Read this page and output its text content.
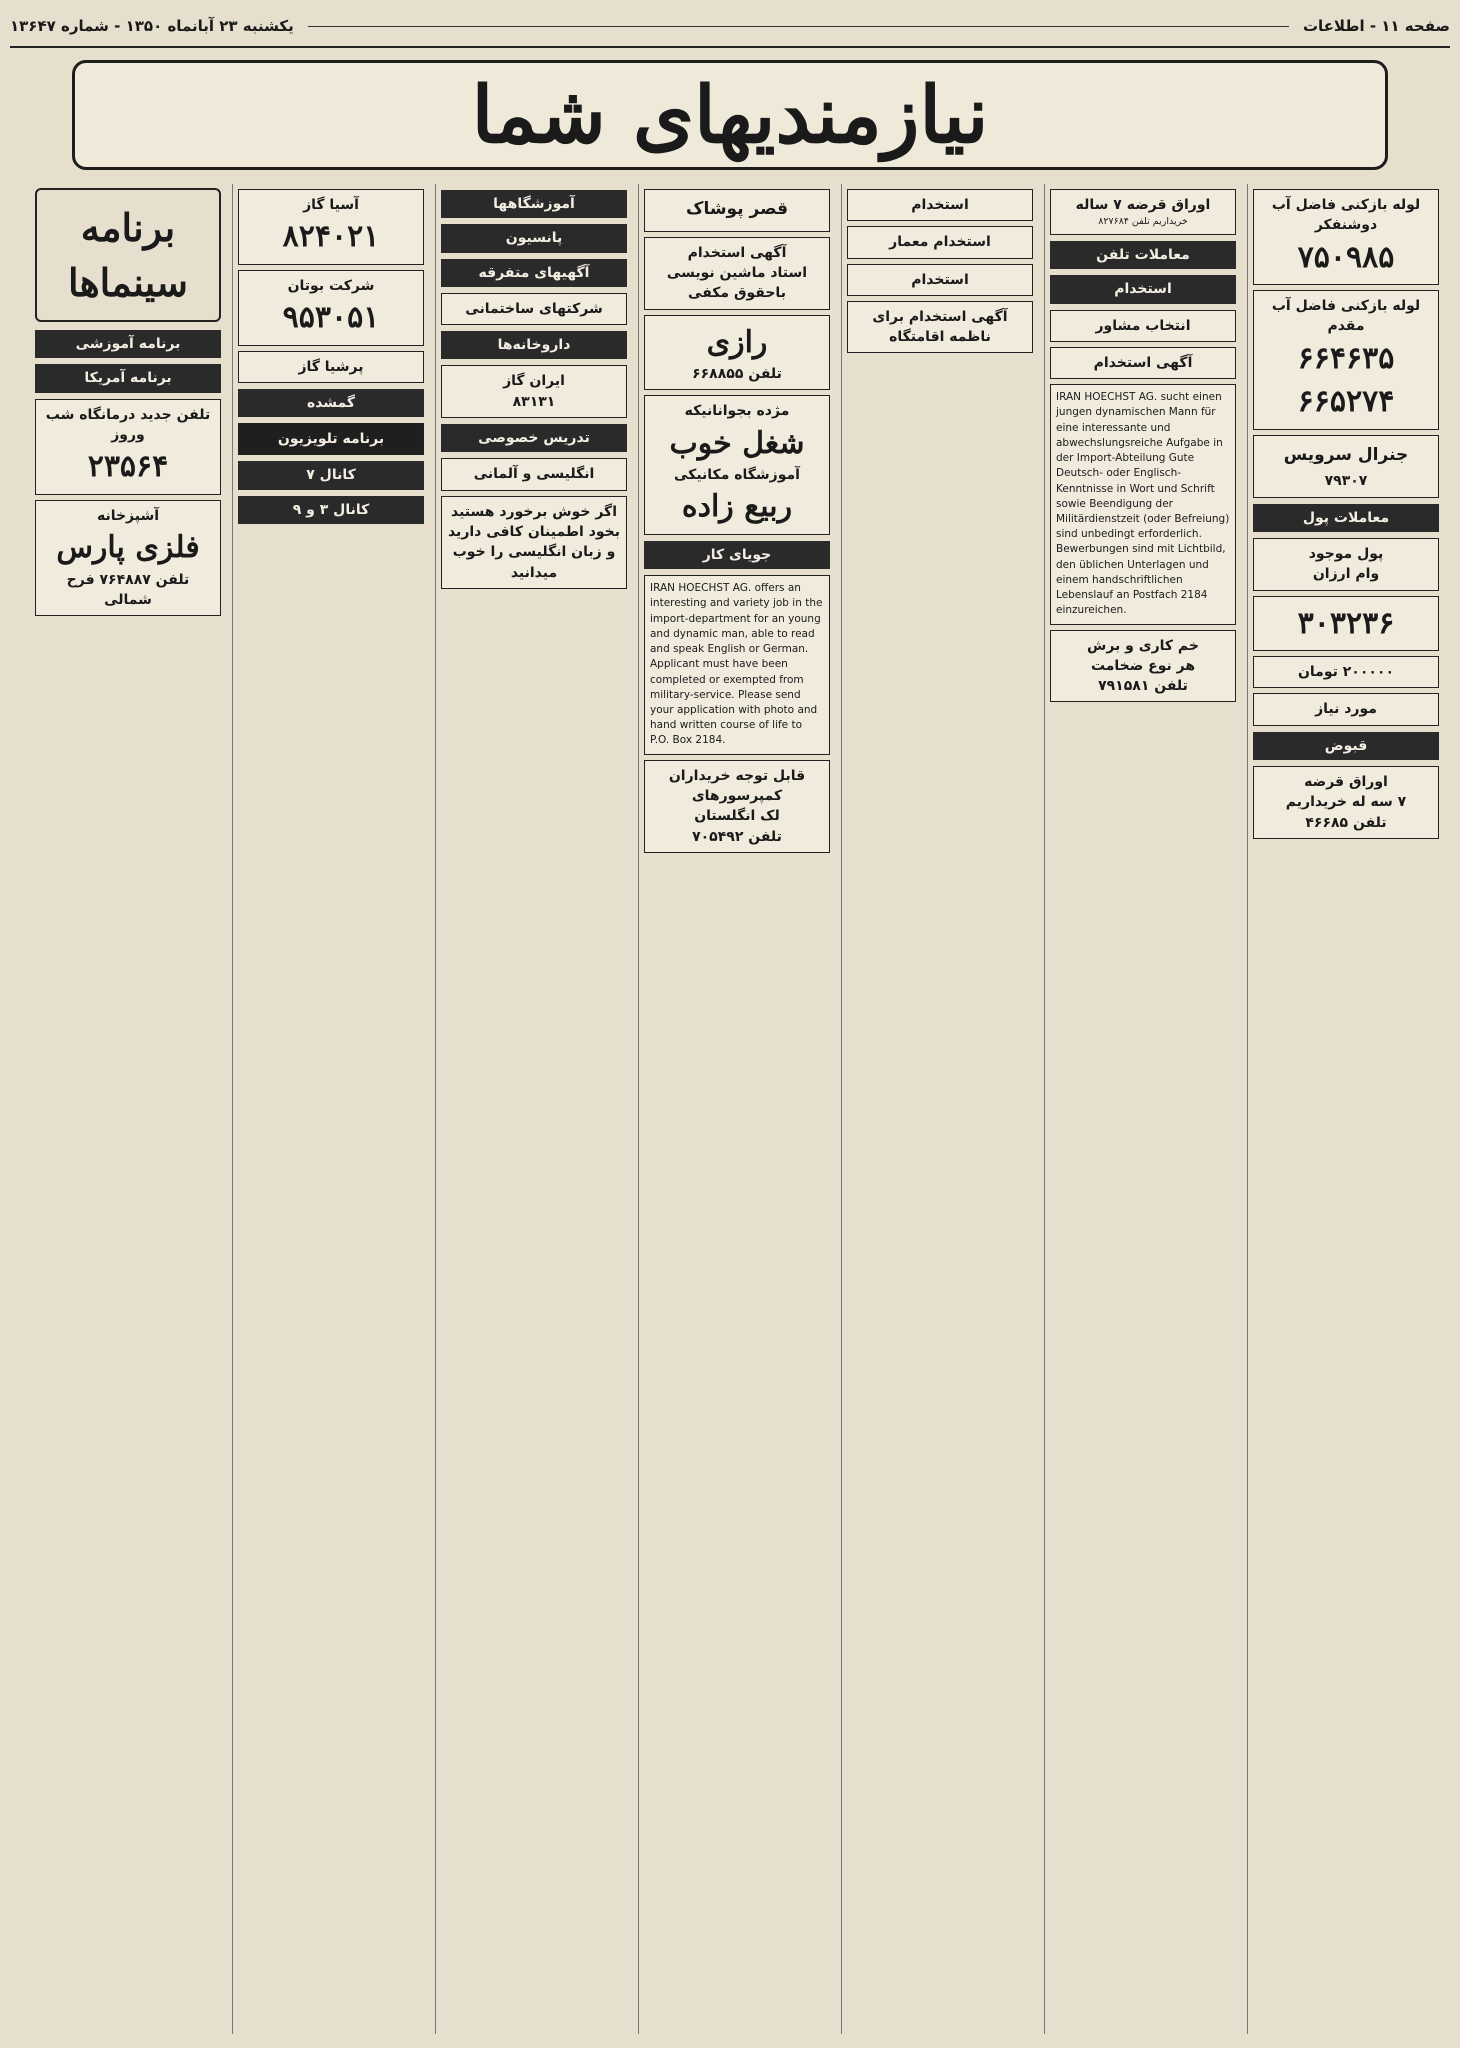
صفحه ۱۱ - اطلاعات
یکشنبه ۲۳ آبانماه ۱۳۵۰ - شماره ۱۳۶۴۷
نیازمندیهای شما
لوله بازکنی فاضل آب
دوشنفکر
۷۵۰۹۸۵
لوله بازکنی فاضل آب
مقدم
۶۶۴۶۳۵
۶۶۵۲۷۴
جنرال سرویس
۷۹۳۰۷
معاملات پول
پول موجود
وام ارزان
۳۰۳۲۳۶
۲۰۰۰۰۰ تومان
مورد نیاز
قبوض
اوراق قرضه
۷ سه له خریداریم
تلفن ۴۶۶۸۵
اوراق قرضه ۷ ساله
خریداریم تلفن ۸۲۷۶۸۴
معاملات تلفن
استخدام
انتخاب مشاور
آگهی استخدام
IRAN HOECHST AG. sucht einen jungen dynamischen Mann für eine interessante und abwechslungsreiche Aufgabe in der Import-Abteilung Gute Deutsch- oder Englisch-Kenntnisse in Wort und Schrift sowie Beendigung der Militärdienstzeit (oder Befreiung) sind unbedingt erforderlich. Bewerbungen sind mit Lichtbild, den üblichen Unterlagen und einem handschriftlichen Lebenslauf an Postfach 2184 einzureichen.
خم کاری و برش
هر نوع ضخامت
تلفن ۷۹۱۵۸۱
استخدام
استخدام معمار
استخدام
آگهی استخدام برای
ناظمه اقامتگاه
قصر پوشاک
آگهی استخدام
استاد ماشین نویسی باحقوق مکفی
رازی
تلفن ۶۶۸۸۵۵
مژده بجوانانیکه
شغل خوب
آموزشگاه مکانیکی
ربیع زاده
جویای کار
IRAN HOECHST AG. offers an interesting and variety job in the import-department for an young and dynamic man, able to read and speak English or German. Applicant must have been completed or exempted from military-service. Please send your application with photo and hand written course of life to P.O. Box 2184.
قابل توجه خریداران
کمپرسورهای
لک انگلستان
تلفن ۷۰۵۴۹۲
آموزشگاهها
پانسیون
آگهیهای متفرقه
شرکتهای ساختمانی
داروخانه‌ها
ایران گاز
۸۳۱۳۱
تدریس خصوصی
انگلیسی و آلمانی
اگر خوش برخورد هستید بخود اطمینان کافی دارید و زبان انگلیسی را خوب میدانید
آسیا گاز
۸۲۴۰۲۱
شرکت بوتان
۹۵۳۰۵۱
پرشیا گاز
گمشده
برنامه تلویزیون
کانال ۷
کانال ۳ و ۹
برنامه سینماها
برنامه آموزشی
برنامه آمریکا
تلفن جدید درمانگاه شب وروز
۲۳۵۶۴
آشپزخانه
فلزی پارس
تلفن ۷۶۴۸۸۷ فرح شمالی
